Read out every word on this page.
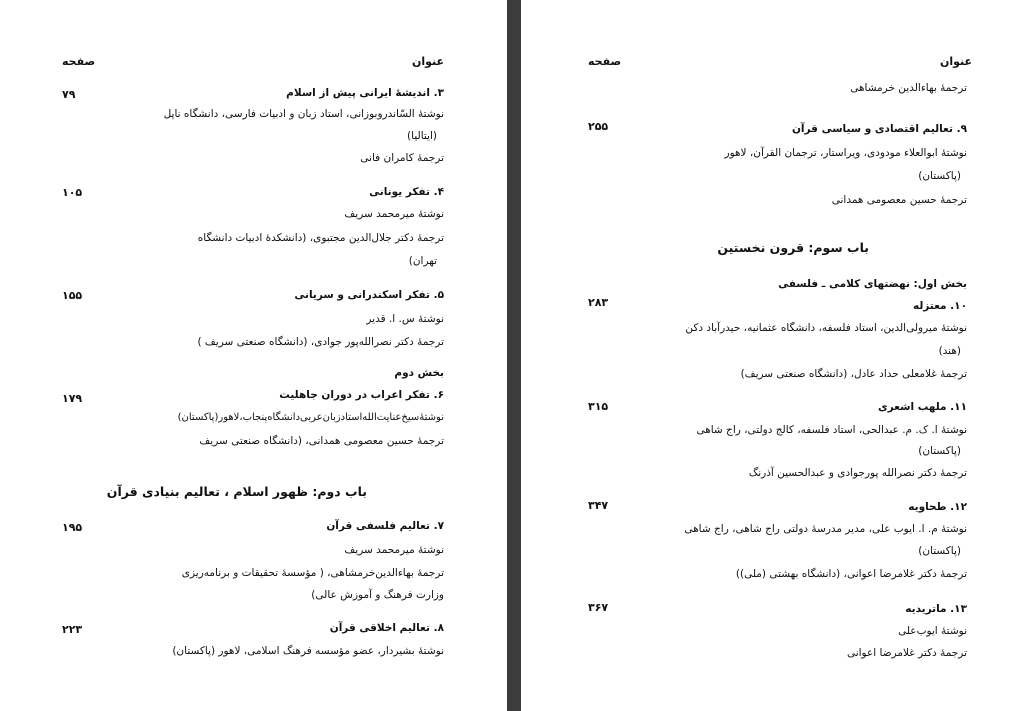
عنوان
صفحه
۷۹	۳. اندیشهٔ ایرانی پیش از اسلام
نوشتهٔ السّاندروبوزانی، استاد زبان و ادبیات فارسی، دانشگاه ناپل
(ایتالیا)
ترجمهٔ کامران فانی
۱۰۵	۴. تفکر یونانی
نوشتهٔ میرمحمد سریف
ترجمهٔ دکتر جلال‌الدین مجتبوی، (دانشکدهٔ ادبیات دانشگاه
تهران)
۱۵۵	۵. تفکر اسکندرانی و سریانی
نوشتهٔ س. ا. قدیر
ترجمهٔ دکتر نصرالله‌پور جوادی، (دانشگاه صنعتی سریف )
بخش دوم
۱۷۹	۶. تفکر اعراب در دوران جاهلیت
نوشتهٔ‌سیخ‌عنایت‌الله‌استاد‌زبان‌عربی‌دانشگاه‌پنجاب‌،لاهور(پاکستان)
ترجمهٔ حسین معصومی همدانی، (دانشگاه صنعتی سریف
باب دوم: ظهور اسلام ، تعالیم بنیادی قرآن
۱۹۵	۷. تعالیم فلسفی قرآن
نوشتهٔ میرمحمد سریف
ترجمهٔ بهاءالدین‌خرمشاهی، ( مؤسسهٔ تحقیقات و برنامه‌ریزی
وزارت فرهنگ و آموزش عالی)
۲۲۳	۸. تعالیم اخلاقی قرآن
نوشتهٔ بشیردار، عضو مؤسسه فرهنگ اسلامی، لاهور (پاکستان)
عنوان
صفحه
ترجمهٔ بهاءالدین خرمشاهی
۲۵۵	۹. تعالیم اقتصادی و سیاسی قرآن
نوشتهٔ ابوالعلاء مودودی، ویراستار، ترجمان القرآن، لاهور
(پاکستان)
ترجمهٔ حسین معصومی همدانی
باب سوم: قرون نخستین
بخش اول: نهضتهای کلامی ـ فلسفی
۲۸۳	۱۰. معتزله
نوشتهٔ میرولی‌الدین، استاد فلسفه، دانشگاه عثمانیه، حیدرآباد دکن
(هند)
ترجمهٔ غلامعلی حداد عادل، (دانشگاه صنعتی سریف)
۳۱۵	۱۱. ملهب اشعری
نوشتهٔ ا. ک. م. عبدالحی، استاد فلسفه، کالج دولتی، راج شاهی
(پاکستان)
ترجمهٔ دکتر نصرالله پورجوادی و عبدالحسین آذرنگ
۳۴۷	۱۲. طحاویه
نوشتهٔ م. ا. ایوب علی، مدیر مدرسهٔ دولتی راج شاهی، راج شاهی
(پاکستان)
ترجمهٔ دکتر غلامرضا اعوانی، (دانشگاه بهشتی (ملی))
۳۶۷	۱۳. ماتریدیه
نوشتهٔ ایوب‌علی
ترجمهٔ دکتر غلامرضا اعوانی
